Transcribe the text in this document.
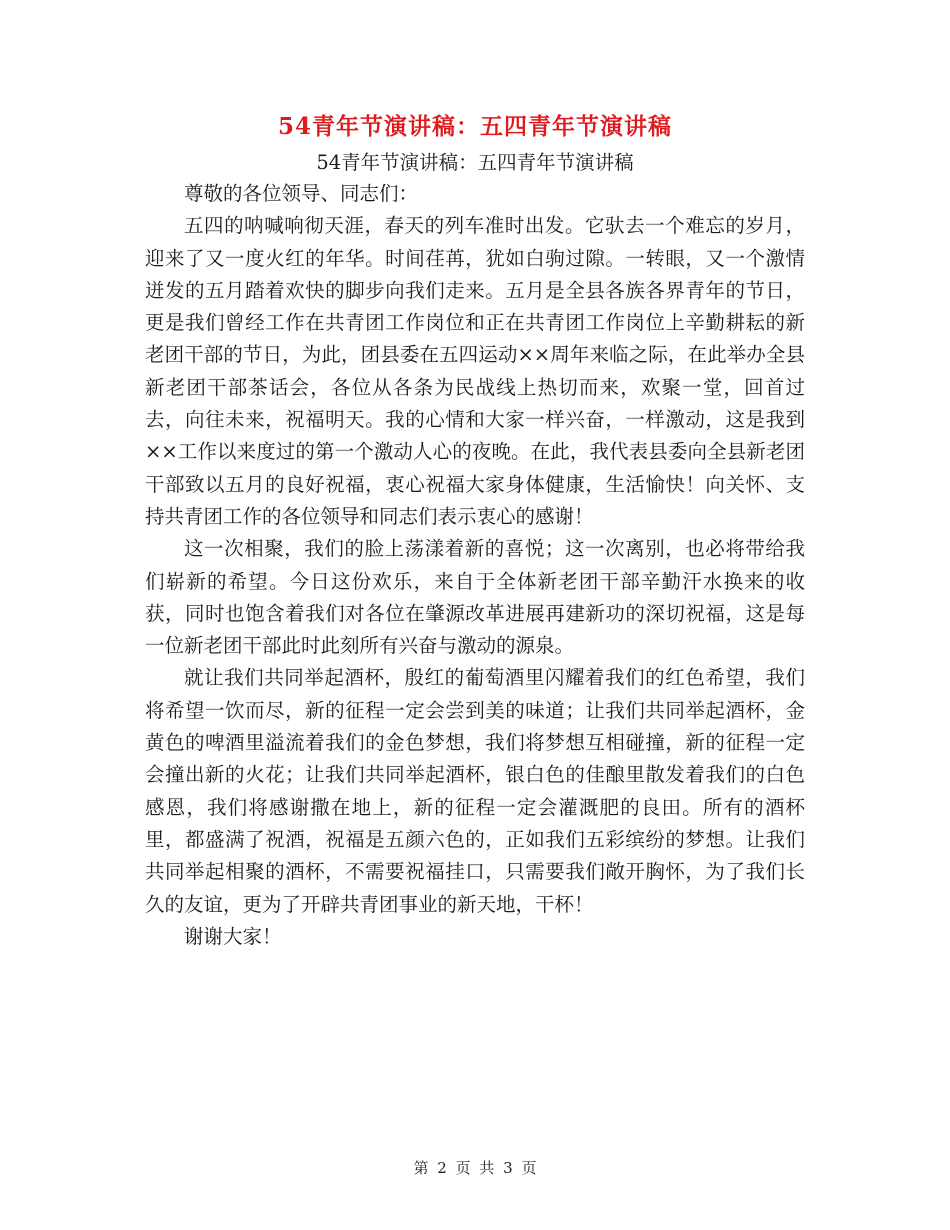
54青年节演讲稿：五四青年节演讲稿
54青年节演讲稿：五四青年节演讲稿

尊敬的各位领导、同志们：

五四的呐喊响彻天涯，春天的列车准时出发。它驮去一个难忘的岁月，迎来了又一度火红的年华。时间荏苒，犹如白驹过隙。一转眼，又一个激情迸发的五月踏着欢快的脚步向我们走来。五月是全县各族各界青年的节日，更是我们曾经工作在共青团工作岗位和正在共青团工作岗位上辛勤耕耘的新老团干部的节日，为此，团县委在五四运动××周年来临之际，在此举办全县新老团干部茶话会，各位从各条为民战线上热切而来，欢聚一堂，回首过去，向往未来，祝福明天。我的心情和大家一样兴奋，一样激动，这是我到××工作以来度过的第一个激动人心的夜晚。在此，我代表县委向全县新老团干部致以五月的良好祝福，衷心祝福大家身体健康，生活愉快！向关怀、支持共青团工作的各位领导和同志们表示衷心的感谢！

这一次相聚，我们的脸上荡漾着新的喜悦；这一次离别，也必将带给我们崭新的希望。今日这份欢乐，来自于全体新老团干部辛勤汗水换来的收获，同时也饱含着我们对各位在肇源改革进展再建新功的深切祝福，这是每一位新老团干部此时此刻所有兴奋与激动的源泉。

就让我们共同举起酒杯，殷红的葡萄酒里闪耀着我们的红色希望，我们将希望一饮而尽，新的征程一定会尝到美的味道；让我们共同举起酒杯，金黄色的啤酒里溢流着我们的金色梦想，我们将梦想互相碰撞，新的征程一定会撞出新的火花；让我们共同举起酒杯，银白色的佳酿里散发着我们的白色感恩，我们将感谢撒在地上，新的征程一定会灌溉肥的良田。所有的酒杯里，都盛满了祝酒，祝福是五颜六色的，正如我们五彩缤纷的梦想。让我们共同举起相聚的酒杯，不需要祝福挂口，只需要我们敞开胸怀，为了我们长久的友谊，更为了开辟共青团事业的新天地，干杯！

谢谢大家！

第 2 页 共 3 页
